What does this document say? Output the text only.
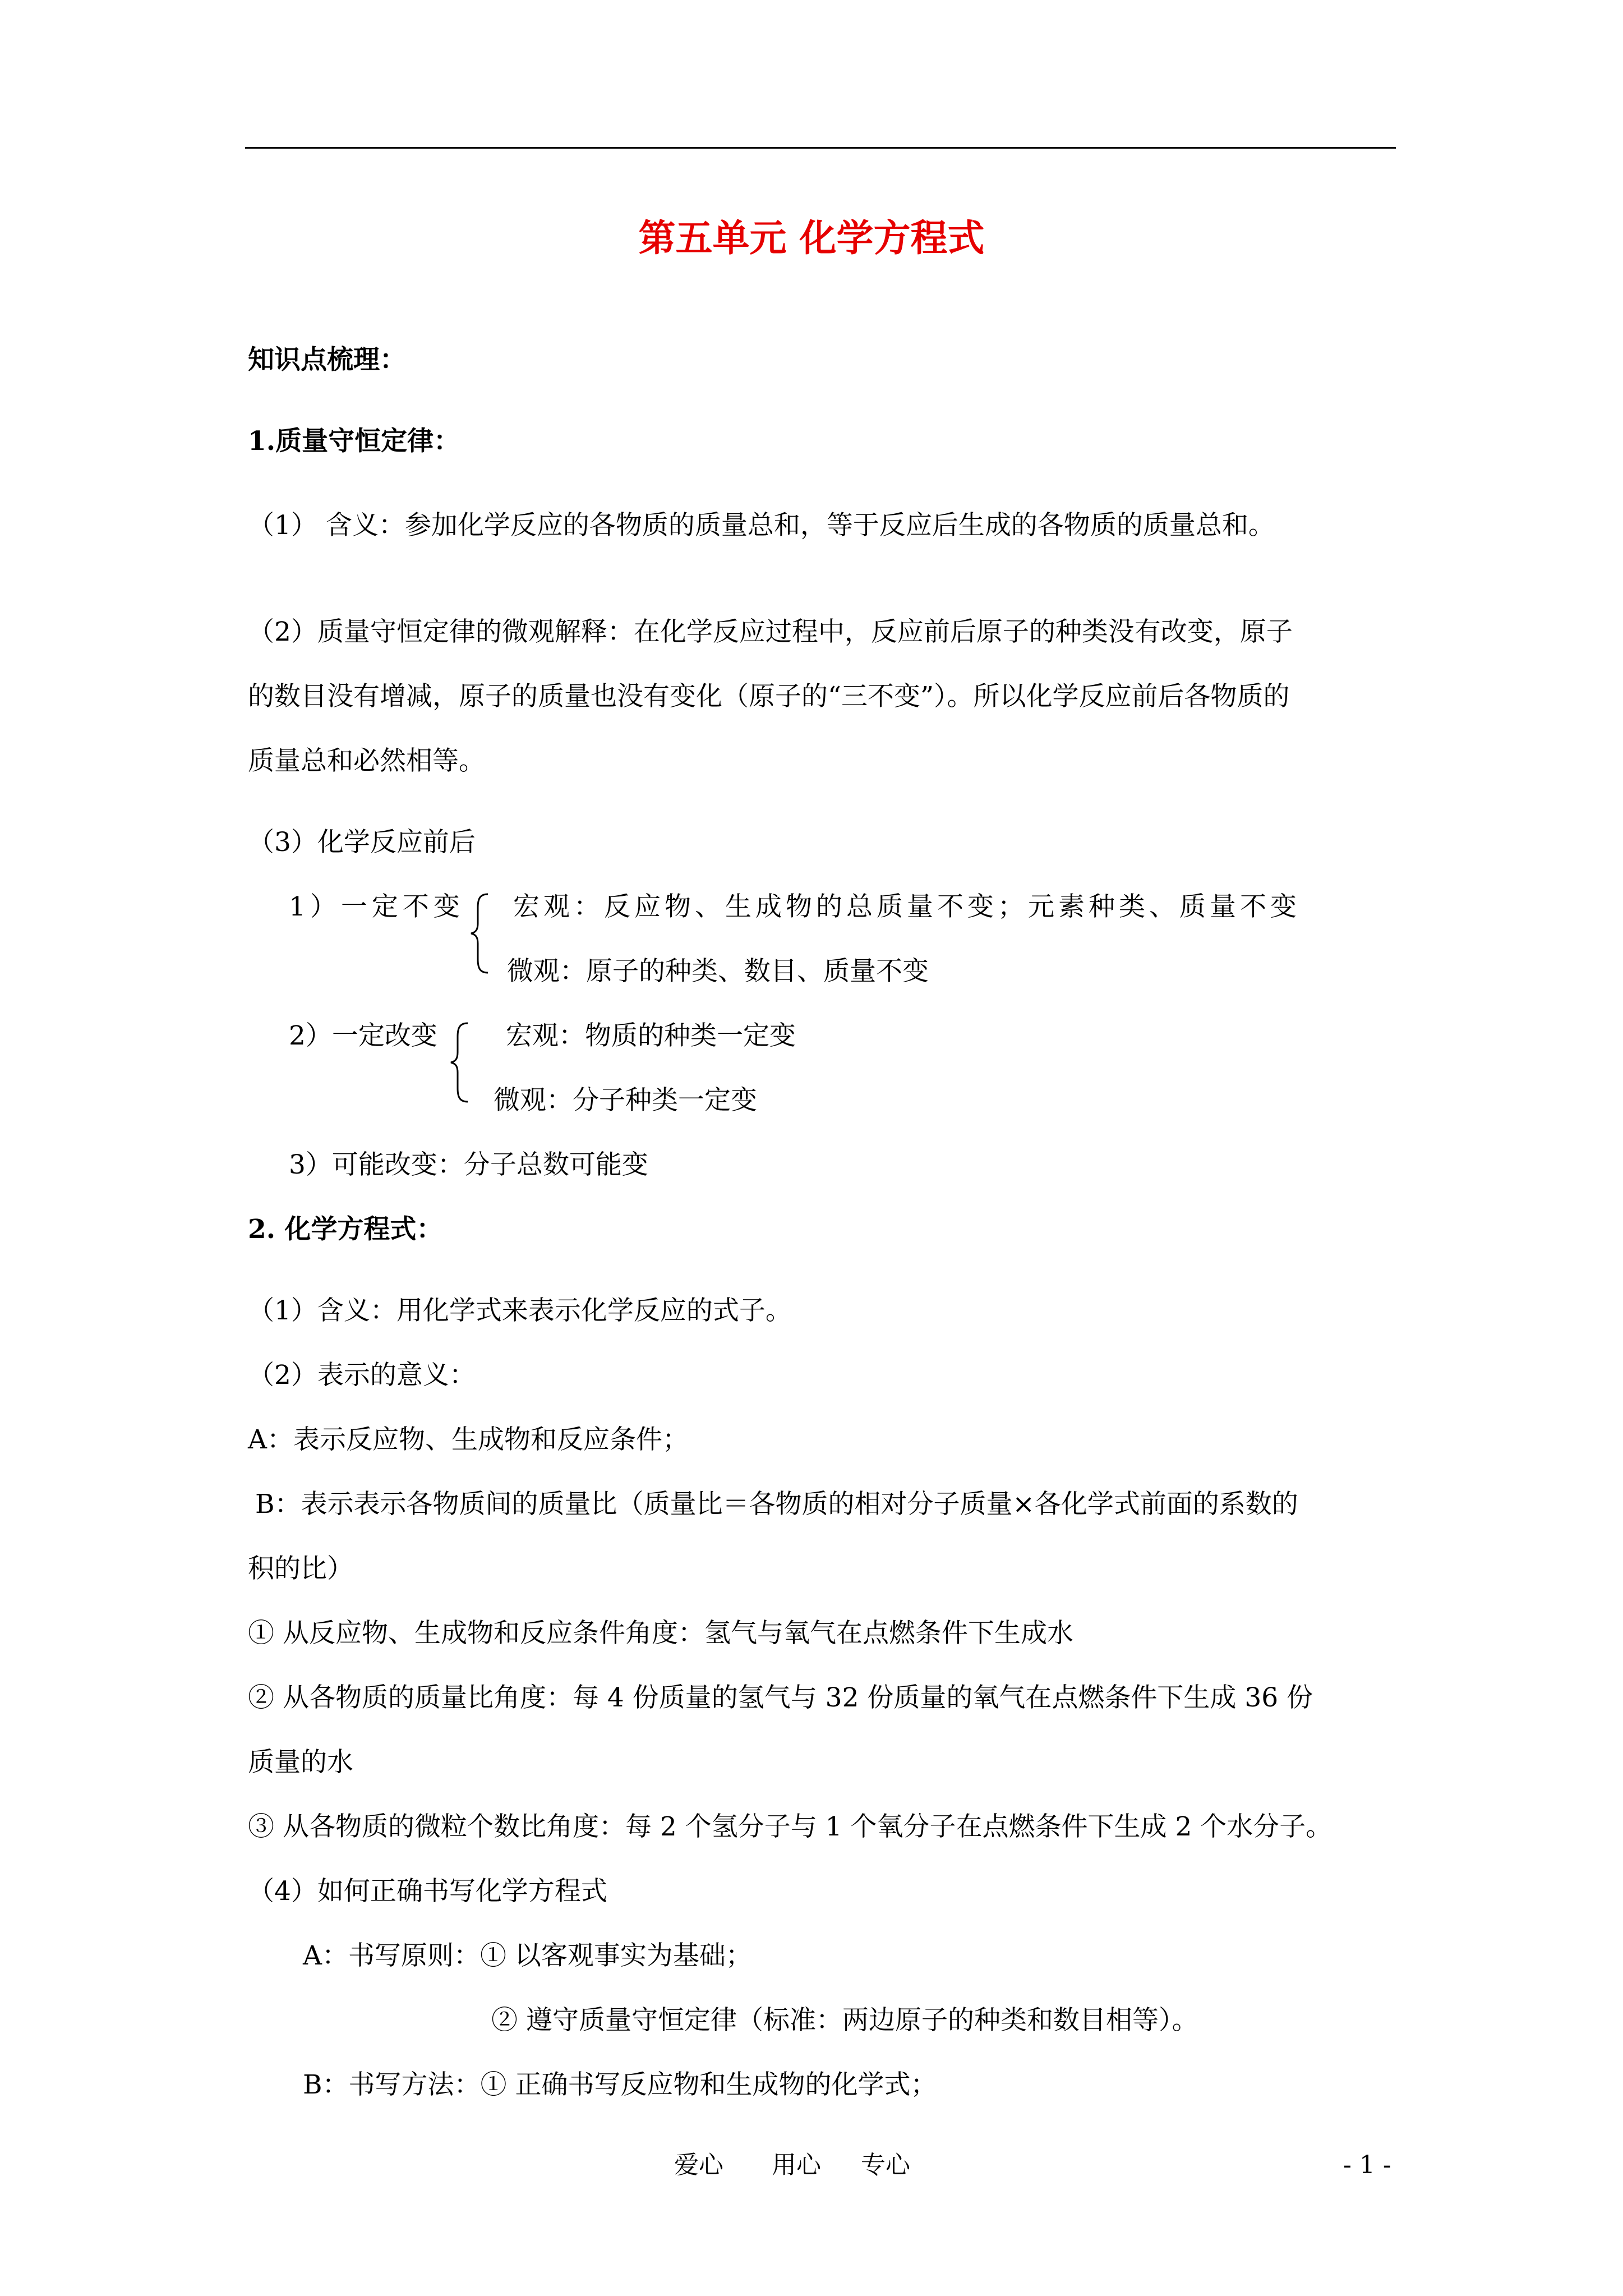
第五单元 化学方程式
知识点梳理：
1.质量守恒定律：
（1） 含义：参加化学反应的各物质的质量总和，等于反应后生成的各物质的质量总和。
（2）质量守恒定律的微观解释：在化学反应过程中，反应前后原子的种类没有改变，原子
的数目没有增减，原子的质量也没有变化（原子的“三不变”）。所以化学反应前后各物质的
质量总和必然相等。
（3）化学反应前后
1）一定不变 宏观：反应物、生成物的总质量不变；元素种类、质量不变
微观：原子的种类、数目、质量不变
2）一定改变	宏观：物质的种类一定变
微观：分子种类一定变
3）可能改变：分子总数可能变
2. 化学方程式：
（1）含义：用化学式来表示化学反应的式子。
（2）表示的意义：
A：表示反应物、生成物和反应条件；
B：表示表示各物质间的质量比（质量比＝各物质的相对分子质量×各化学式前面的系数的
积的比）
① 从反应物、生成物和反应条件角度：氢气与氧气在点燃条件下生成水
② 从各物质的质量比角度：每 4 份质量的氢气与 32 份质量的氧气在点燃条件下生成 36 份
质量的水
③ 从各物质的微粒个数比角度：每 2 个氢分子与 1 个氧分子在点燃条件下生成 2 个水分子。
（4）如何正确书写化学方程式
A：书写原则：① 以客观事实为基础；
② 遵守质量守恒定律（标准：两边原子的种类和数目相等）。
B：书写方法：① 正确书写反应物和生成物的化学式；
爱心 用心 专心	- 1 -
